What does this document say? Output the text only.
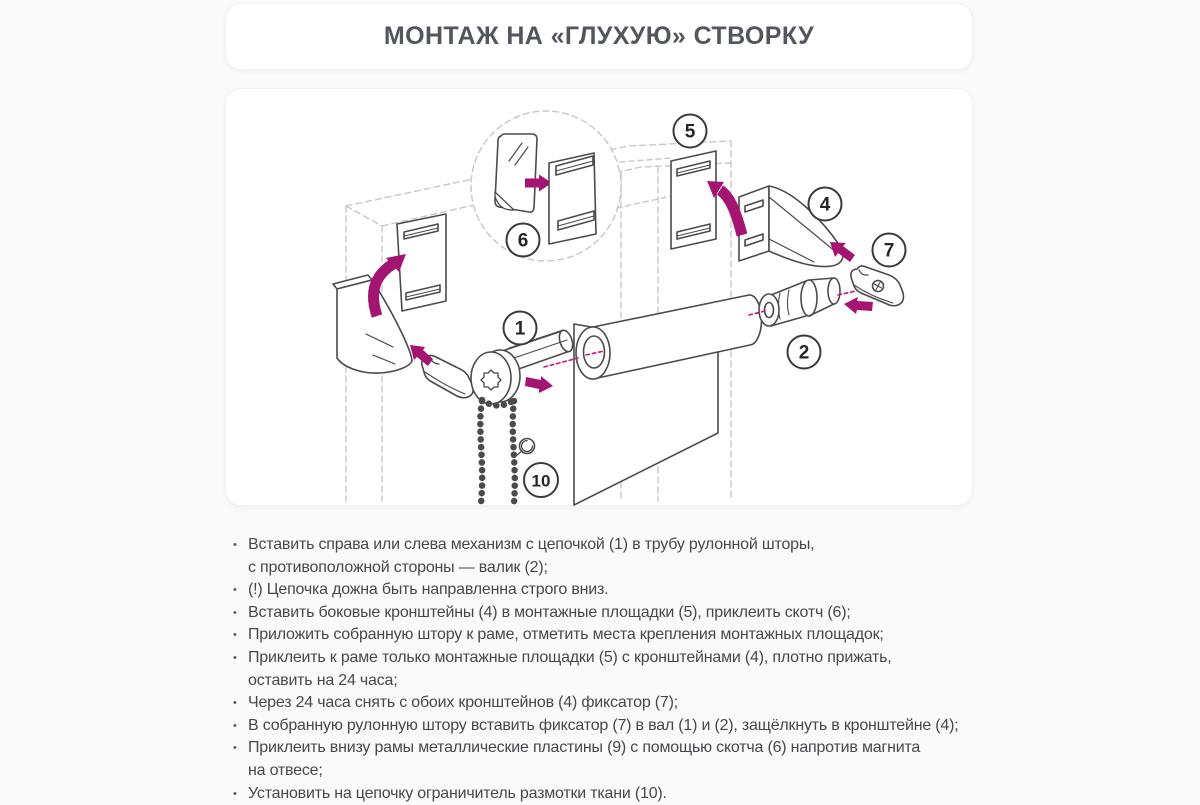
МОНТАЖ НА «ГЛУХУЮ» СТВОРКУ
1
2
4
5
6	7
10
• Вставить справа или слева механизм с цепочкой (1) в трубу рулонной шторы,
с противоположной стороны — валик (2);
• (!) Цепочка дожна быть направленна строго вниз.
• Вставить боковые кронштейны (4) в монтажные площадки (5), приклеить скотч (6);
• Приложить собранную штору к раме, отметить места крепления монтажных площадок;
• Приклеить к раме только монтажные площадки (5) с кронштейнами (4), плотно прижать,
оставить на 24 часа;
• Через 24 часа снять с обоих кронштейнов (4) фиксатор (7);
• В собранную рулонную штору вставить фиксатор (7) в вал (1) и (2), защёлкнуть в кронштейне (4);
• Приклеить внизу рамы металлические пластины (9) с помощью скотча (6) напротив магнита
на отвесе;
• Установить на цепочку ограничитель размотки ткани (10).
